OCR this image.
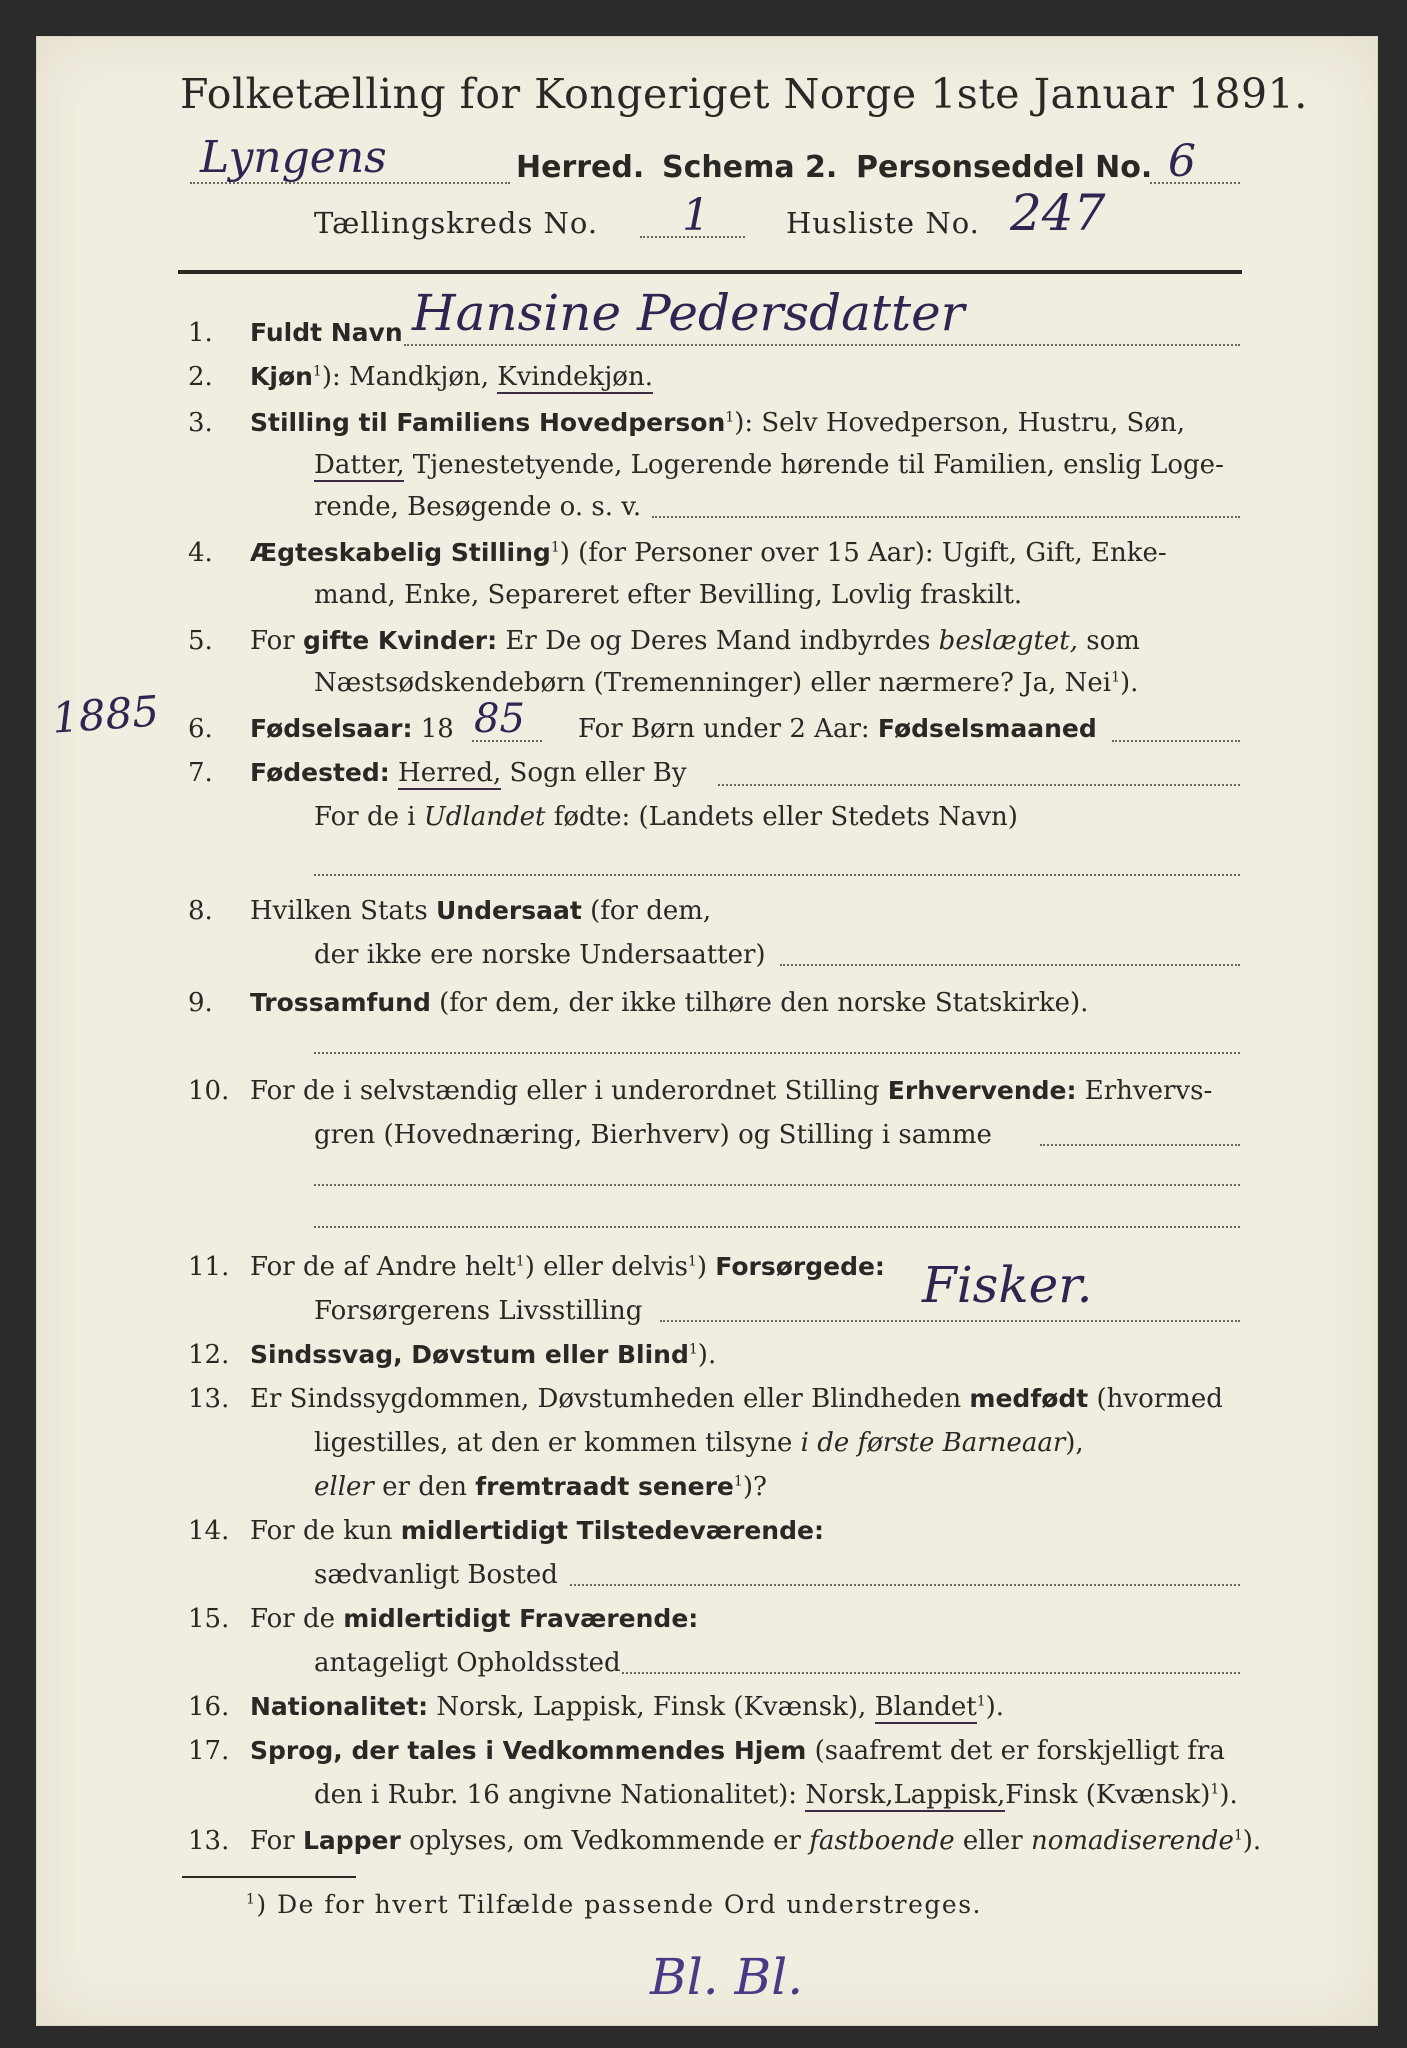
Folketælling for Kongeriget Norge 1ste Januar 1891.
Lyngens	Herred. Schema 2. Personseddel No. 6
Tællingskreds No. 1	Husliste No. 247
1. Fuldt Navn Hansine Pedersdatter
2. Kjøn$^1$): Mandkjøn, Kvindekjøn.
3. Stilling til Familiens Hovedperson$^1$): Selv Hovedperson, Hustru, Søn,
Datter, Tjenestetyende, Logerende hørende til Familien, enslig Loge-
rende, Besøgende o. s. v.
4. Ægteskabelig Stilling$^1$) (for Personer over 15 Aar): Ugift, Gift, Enke-
mand, Enke, Separeret efter Bevilling, Lovlig fraskilt.
5. For gifte Kvinder: Er De og Deres Mand indbyrdes beslægtet, som
Næstsødskendebørn (Tremenninger) eller nærmere? Ja, Nei$^1$).
1885 6. Fødselsaar: 18 85 For Børn under 2 Aar: Fødselsmaaned
7. Fødested: Herred, Sogn eller By
For de i Udlandet fødte: (Landets eller Stedets Navn)
8. Hvilken Stats Undersaat (for dem,
der ikke ere norske Undersaatter)
9. Trossamfund (for dem, der ikke tilhøre den norske Statskirke).
10. For de i selvstændig eller i underordnet Stilling Erhvervende: Erhvervs-
gren (Hovednæring, Bierhverv) og Stilling i samme
11. For de af Andre helt$^1$) eller delvis$^1$) Forsørgede:
Forsørgerens Livsstilling	Fisker.
12. Sindssvag, Døvstum eller Blind$^1$).
13. Er Sindssygdommen, Døvstumheden eller Blindheden medfødt (hvormed
ligestilles, at den er kommen tilsyne i de første Barneaar),
eller er den fremtraadt senere$^1$)?
14. For de kun midlertidigt Tilstedeværende:
sædvanligt Bosted
15. For de midlertidigt Fraværende:
antageligt Opholdssted
16. Nationalitet: Norsk, Lappisk, Finsk (Kvænsk), Blandet$^1$).
17. Sprog, der tales i Vedkommendes Hjem (saafremt det er forskjelligt fra
den i Rubr. 16 angivne Nationalitet): Norsk,Lappisk,Finsk (Kvænsk)$^1$).
13. For Lapper oplyses, om Vedkommende er fastboende eller nomadiserende$^1$).
$^1$) De for hvert Tilfælde passende Ord understreges.
Bl. Bl.
